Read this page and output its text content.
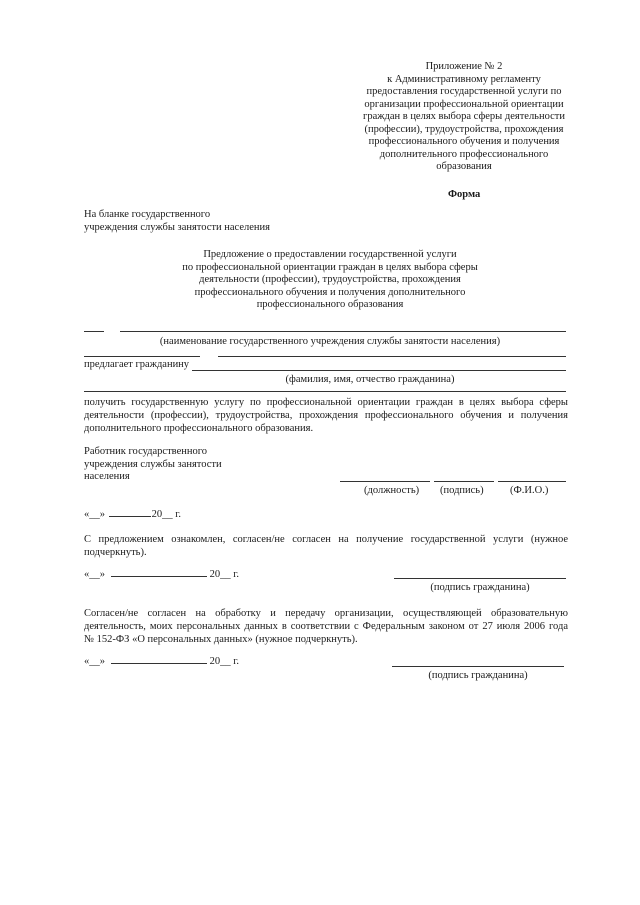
Приложение № 2
к Административному регламенту
предоставления государственной услуги по
организации профессиональной ориентации
граждан в целях выбора сферы деятельности
(профессии), трудоустройства, прохождения
профессионального обучения и получения
дополнительного профессионального
образования
Форма
На бланке государственного
учреждения службы занятости населения
Предложение о предоставлении государственной услуги
по профессиональной ориентации граждан в целях выбора сферы
деятельности (профессии), трудоустройства, прохождения
профессионального обучения и получения дополнительного
профессионального образования
(наименование государственного учреждения службы занятости населения)
предлагает гражданину
(фамилия, имя, отчество гражданина)
получить государственную услугу по профессиональной ориентации граждан в целях выбора сферы
деятельности (профессии), трудоустройства, прохождения профессионального обучения и получения
дополнительного профессионального образования.
Работник государственного
учреждения службы занятости
населения
(должность) (подпись)	(Ф.И.О.)
«__»	20__ г.
С предложением ознакомлен, согласен/не согласен на получение государственной услуги (нужное
подчеркнуть).
«__»	20__ г.
(подпись гражданина)
Согласен/не согласен на обработку и передачу организации, осуществляющей образовательную
деятельность, моих персональных данных в соответствии с Федеральным законом от 27 июля 2006 года
№ 152-ФЗ «О персональных данных» (нужное подчеркнуть).
«__»	20__ г.
(подпись гражданина)
